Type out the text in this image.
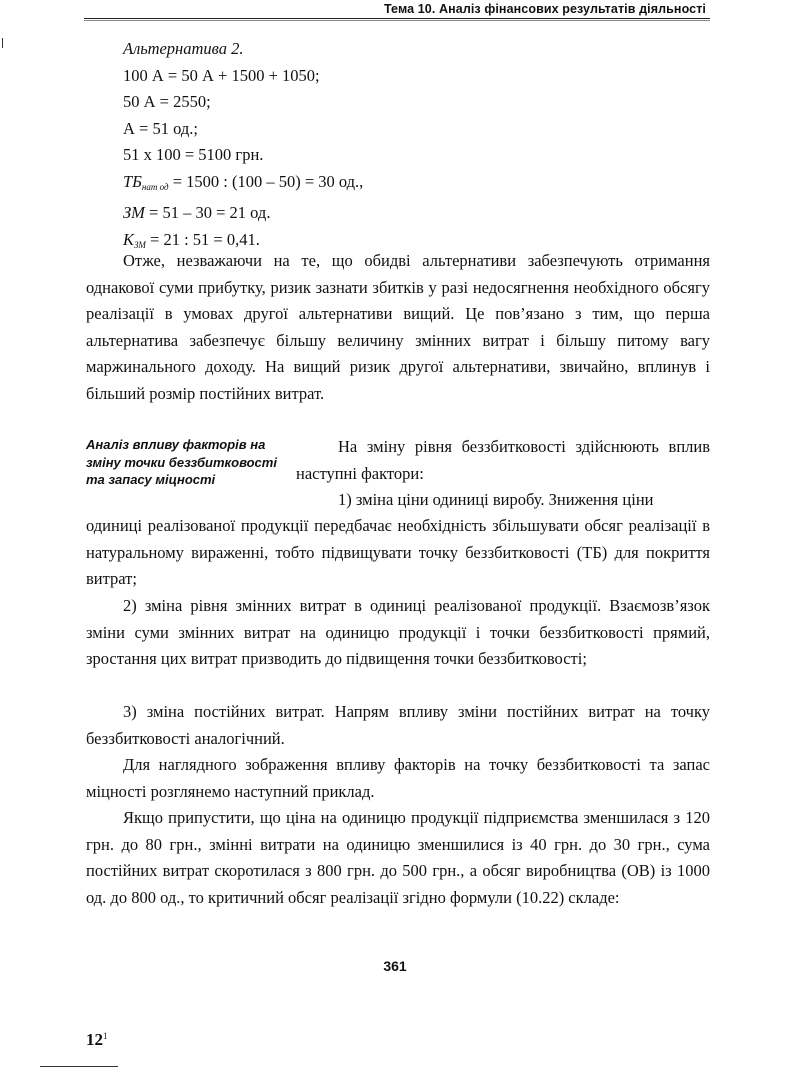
Тема 10. Аналіз фінансових результатів діяльності
Альтернатива 2.
100 А = 50 А + 1500 + 1050;
50 А = 2550;
А = 51 од.;
51 х 100 = 5100 грн.
$ТБ_{нат од} = 1500$ : (100 – 50) = 30 од.,
ЗМ = 51 – 30 = 21 од.
$К_{ЗМ} = 21$ : 51 = 0,41.
Отже, незважаючи на те, що обидві альтернативи забезпечують отримання однакової суми прибутку, ризик зазнати збитків у разі недосягнення необхідного обсягу реалізації в умовах другої альтернативи вищий. Це пов’язано з тим, що перша альтернатива забезпечує більшу величину змінних витрат і більшу питому вагу маржинального доходу. На вищий ризик другої альтернативи, звичайно, вплинув і більший розмір постійних витрат.
Аналіз впливу факторів на зміну точки беззбитковості та запасу міцності
На зміну рівня беззбитковості здійснюють вплив наступні фактори:
1) зміна ціни одиниці виробу. Зниження ціни
одиниці реалізованої продукції передбачає необхідність збільшувати обсяг реалізації в натуральному вираженні, тобто підвищувати точку беззбитковості (ТБ) для покриття витрат;
2) зміна рівня змінних витрат в одиниці реалізованої продукції. Взаємозв’язок зміни суми змінних витрат на одиницю продукції і точки беззбитковості прямий, зростання цих витрат призводить до підвищення точки беззбитковості;
3) зміна постійних витрат. Напрям впливу зміни постійних витрат на точку беззбитковості аналогічний.
Для наглядного зображення впливу факторів на точку беззбитковості та запас міцності розглянемо наступний приклад.
Якщо припустити, що ціна на одиницю продукції підприємства зменшилася з 120 грн. до 80 грн., змінні витрати на одиницю зменшилися із 40 грн. до 30 грн., сума постійних витрат скоротилася з 800 грн. до 500 грн., а обсяг виробництва (ОВ) із 1000 од. до 800 од., то критичний обсяг реалізації згідно формули (10.22) складе:
361
$12^1$
